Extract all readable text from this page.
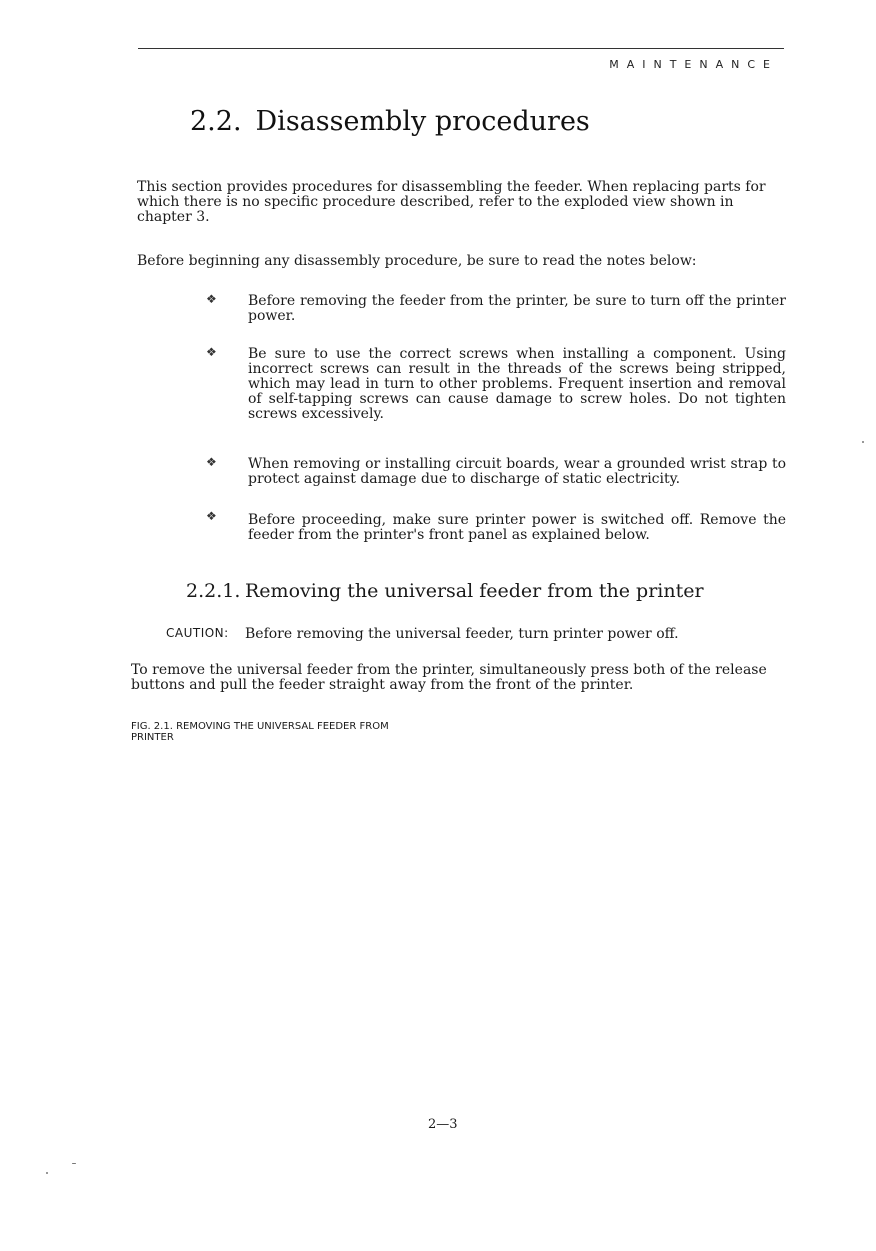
MAINTENANCE
2.2. Disassembly procedures

This section provides procedures for disassembling the feeder. When replacing parts for which there is no specific procedure described, refer to the exploded view shown in chapter 3.

Before beginning any disassembly procedure, be sure to read the notes below:

❖ Before removing the feeder from the printer, be sure to turn off the printer power.

❖ Be sure to use the correct screws when installing a component. Using incorrect screws can result in the threads of the screws being stripped, which may lead in turn to other problems. Frequent insertion and removal of self-tapping screws can cause damage to screw holes. Do not tighten screws excessively.

❖ When removing or installing circuit boards, wear a grounded wrist strap to protect against damage due to discharge of static electricity.

❖ Before proceeding, make sure printer power is switched off. Remove the feeder from the printer's front panel as explained below.

2.2.1. Removing the universal feeder from the printer
CAUTION: Before removing the universal feeder, turn printer power off.

To remove the universal feeder from the printer, simultaneously press both of the release buttons and pull the feeder straight away from the front of the printer.

FIG. 2.1. REMOVING THE UNIVERSAL FEEDER FROM PRINTER
2—3
